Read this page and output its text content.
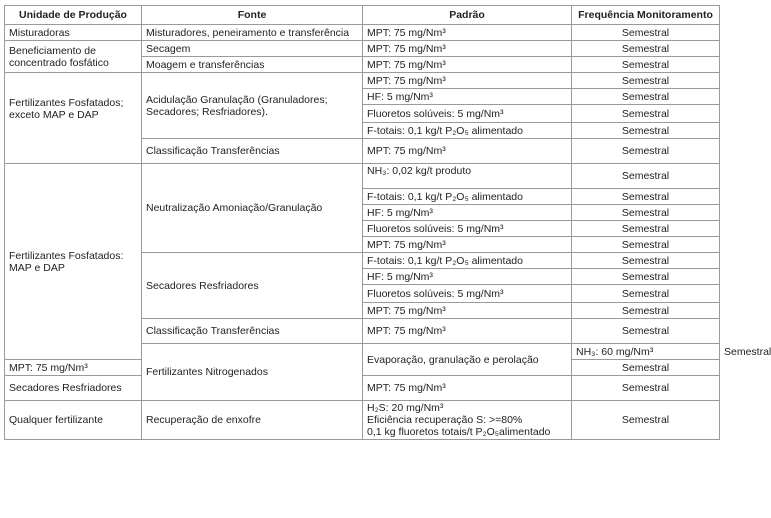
Unidade de Produção	Fonte	Padrão	Frequência Monitoramento	
Misturadoras	Misturadores, peneiramento e transferência	MPT: 75 mg/Nm³	Semestral	
Beneficiamento de concentrado fosfático	Secagem	MPT: 75 mg/Nm³	Semestral	
	Moagem e transferências	MPT: 75 mg/Nm³	Semestral	
Fertilizantes Fosfatados; exceto MAP e DAP	Acidulação Granulação (Granuladores; Secadores; Resfriadores).	MPT: 75 mg/Nm³	Semestral	
		HF: 5 mg/Nm³	Semestral	
		Fluoretos solúveis: 5 mg/Nm³	Semestral	
		F-totais: 0,1 kg/t P₂O₅ alimentado	Semestral	
	Classificação Transferências	MPT: 75 mg/Nm³	Semestral	
Fertilizantes Fosfatados: MAP e DAP	Neutralização Amoniação/Granulação	NH₃: 0,02 kg/t produto	Semestral	
		F-totais: 0,1 kg/t P₂O₅ alimentado	Semestral	
		HF: 5 mg/Nm³	Semestral	
		Fluoretos solúveis: 5 mg/Nm³	Semestral	
		MPT: 75 mg/Nm³	Semestral	
	Secadores Resfriadores	F-totais: 0,1 kg/t P₂O₅ alimentado	Semestral	
		HF: 5 mg/Nm³	Semestral	
		Fluoretos solúveis: 5 mg/Nm³	Semestral	
		MPT: 75 mg/Nm³	Semestral	
	Classificação Transferências	MPT: 75 mg/Nm³	Semestral	
	Fertilizantes Nitrogenados	Evaporação, granulação e perolação	NH₃: 60 mg/Nm³	Semestral
MPT: 75 mg/Nm³			Semestral	
Secadores Resfriadores		MPT: 75 mg/Nm³	Semestral	
Qualquer fertilizante	Recuperação de enxofre	H₂S: 20 mg/Nm³
Eficiência recuperação S: >=80%
0,1 kg fluoretos totais/t P₂O₅alimentado	Semestral	
